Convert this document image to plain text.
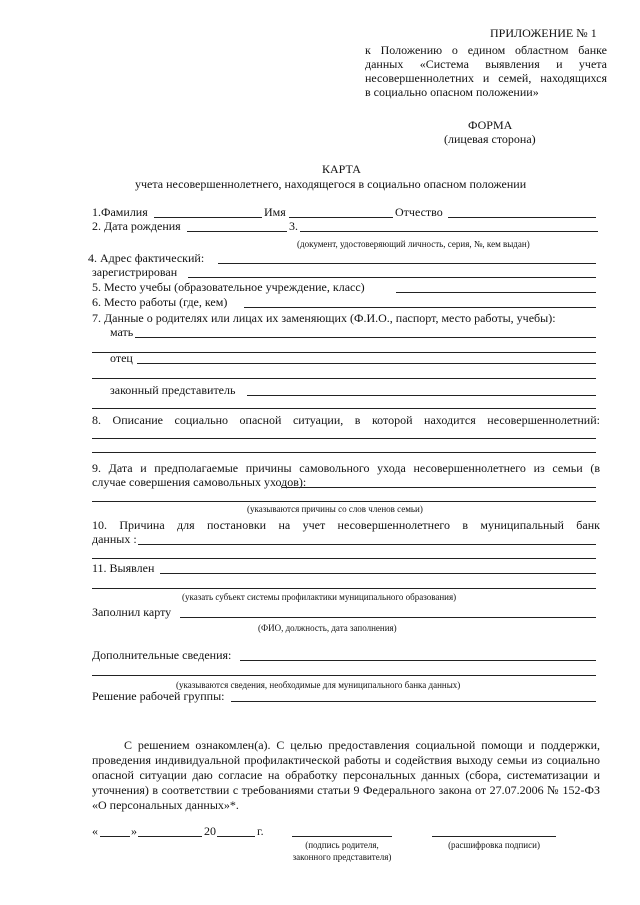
ПРИЛОЖЕНИЕ № 1
к Положению о едином областном банке
данных «Система выявления и учета
несовершеннолетних и семей, находящихся
в социально опасном положении»
ФОРМА
(лицевая сторона)
КАРТА
учета несовершеннолетнего, находящегося в социально опасном положении
1.Фамилия	Имя	Отчество
2. Дата рождения	3.
(документ, удостоверяющий личность, серия, №, кем выдан)
4. Адрес фактический:
зарегистрирован
5. Место учебы (образовательное учреждение, класс)
6. Место работы (где, кем)
7. Данные о родителях или лицах их заменяющих (Ф.И.О., паспорт, место работы, учебы):
мать
отец
законный представитель
8. Описание социально опасной ситуации, в которой находится несовершеннолетний:
9. Дата и предполагаемые причины самовольного ухода несовершеннолетнего из семьи (в
случае совершения самовольных уходов):
(указываются причины со слов членов семьи)
10. Причина для постановки на учет несовершеннолетнего в муниципальный банк
данных :
11. Выявлен
(указать субъект системы профилактики муниципального образования)
Заполнил карту
(ФИО, должность, дата заполнения)
Дополнительные сведения:
(указываются сведения, необходимые для муниципального банка данных)
Решение рабочей группы:
С решением ознакомлен(а). С целью предоставления социальной помощи и поддержки, проведения индивидуальной профилактической работы и содействия выходу семьи из социально опасной ситуации даю согласие на обработку персональных данных (сбора, систематизации и уточнения) в соответствии с требованиями статьи 9 Федерального закона от 27.07.2006 № 152-ФЗ «О персональных данных»*.
«	»	20	г.
(подпись родителя,
законного представителя)
(расшифровка подписи)
